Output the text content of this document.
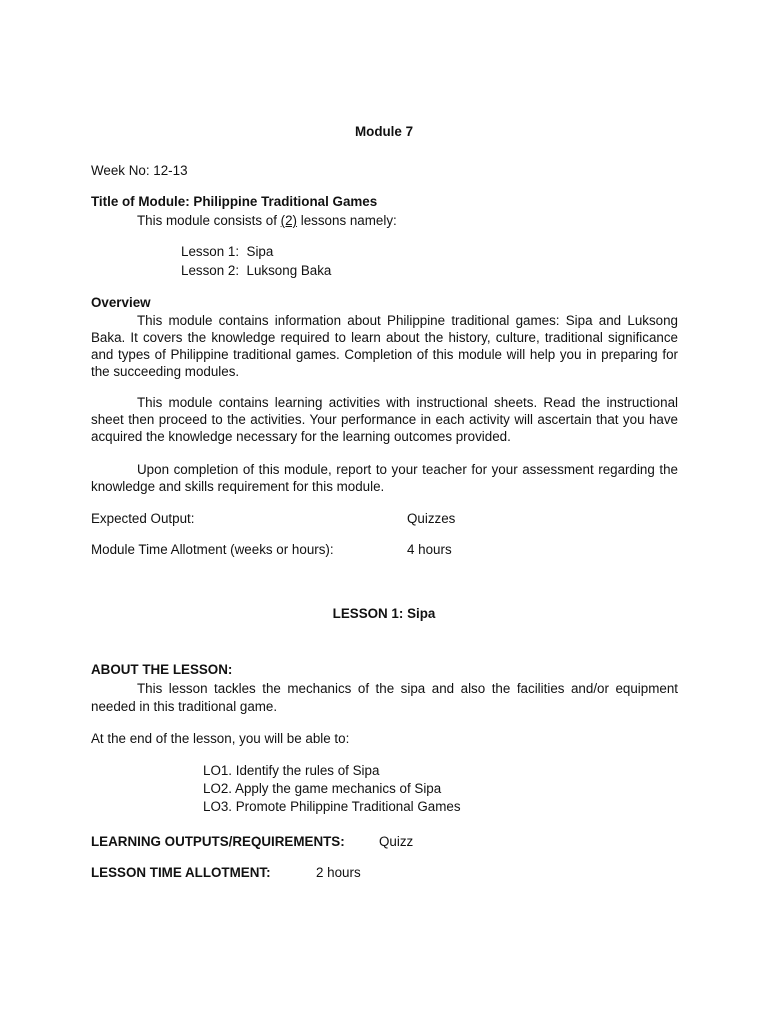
Module 7
Week No: 12-13
Title of Module: Philippine Traditional Games
This module consists of (2) lessons namely:
Lesson 1:  Sipa
Lesson 2:  Luksong Baka
Overview
This module contains information about Philippine traditional games: Sipa and Luksong Baka. It covers the knowledge required to learn about the history, culture, traditional significance and types of Philippine traditional games. Completion of this module will help you in preparing for the succeeding modules.
This module contains learning activities with instructional sheets. Read the instructional sheet then proceed to the activities. Your performance in each activity will ascertain that you have acquired the knowledge necessary for the learning outcomes provided.
Upon completion of this module, report to your teacher for your assessment regarding the knowledge and skills requirement for this module.
Expected Output:	Quizzes
Module Time Allotment (weeks or hours):	4 hours
LESSON 1: Sipa
ABOUT THE LESSON:
This lesson tackles the mechanics of the sipa and also the facilities and/or equipment needed in this traditional game.
At the end of the lesson, you will be able to:
LO1. Identify the rules of Sipa
LO2. Apply the game mechanics of Sipa
LO3. Promote Philippine Traditional Games
LEARNING OUTPUTS/REQUIREMENTS:	Quizz
LESSON TIME ALLOTMENT:	2 hours
